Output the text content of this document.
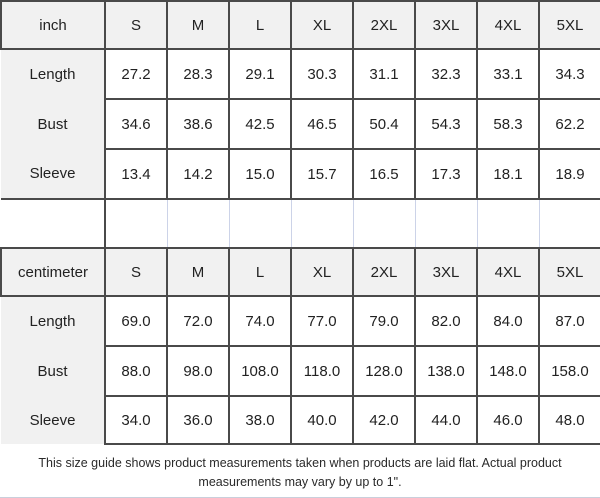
inch	S	M	L	XL	2XL	3XL	4XL	5XL
Length	27.2	28.3	29.1	30.3	31.1	32.3	33.1	34.3
Bust	34.6	38.6	42.5	46.5	50.4	54.3	58.3	62.2
Sleeve	13.4	14.2	15.0	15.7	16.5	17.3	18.1	18.9

centimeter	S	M	L	XL	2XL	3XL	4XL	5XL
Length	69.0	72.0	74.0	77.0	79.0	82.0	84.0	87.0
Bust	88.0	98.0	108.0	118.0	128.0	138.0	148.0	158.0
Sleeve	34.0	36.0	38.0	40.0	42.0	44.0	46.0	48.0
This size guide shows product measurements taken when products are laid flat. Actual product measurements may vary by up to 1".
